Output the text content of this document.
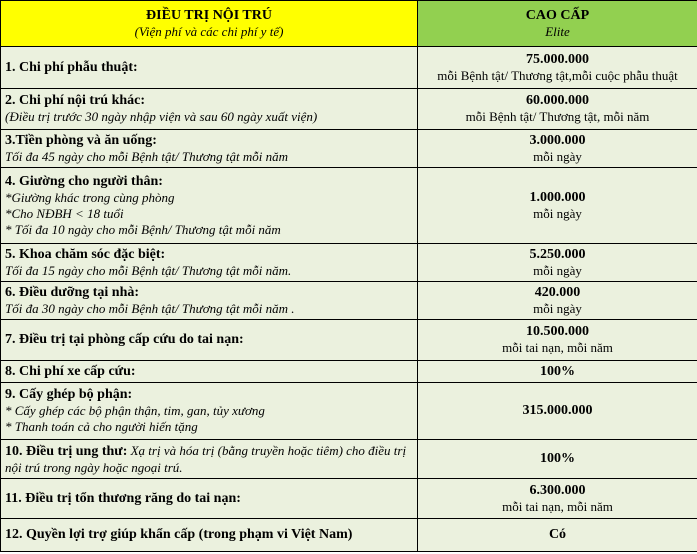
ĐIỀU TRỊ NỘI TRÚ
(Viện phí và các chi phí y tế)	CAO CẤP
Elite

1. Chi phí phẫu thuật:	75.000.000
mỗi Bệnh tật/ Thương tật,mỗi cuộc phẫu thuật

2. Chi phí nội trú khác:
(Điều trị trước 30 ngày nhập viện và sau 60 ngày xuất viện)	60.000.000
mỗi Bệnh tật/ Thương tật, mỗi năm

3.Tiền phòng và ăn uống:
Tối đa 45 ngày cho mỗi Bệnh tật/ Thương tật mỗi năm	3.000.000
mỗi ngày

4. Giường cho người thân:
*Giường khác trong cùng phòng
*Cho NĐBH < 18 tuổi
* Tối đa 10 ngày cho mỗi Bệnh/ Thương tật mỗi năm	1.000.000
mỗi ngày

5. Khoa chăm sóc đặc biệt:
Tối đa 15 ngày cho mỗi Bệnh tật/ Thương tật mỗi năm.	5.250.000
mỗi ngày

6. Điều dưỡng tại nhà:
Tối đa 30 ngày cho mỗi Bệnh tật/ Thương tật mỗi năm .	420.000
mỗi ngày

7. Điều trị tại phòng cấp cứu do tai nạn:	10.500.000
mỗi tai nạn, mỗi năm

8. Chi phí xe cấp cứu:	100%

9. Cấy ghép bộ phận:
* Cấy ghép các bộ phận thận, tim, gan, tủy xương
* Thanh toán cả cho người hiến tặng	315.000.000

10. Điều trị ung thư: Xạ trị và hóa trị (bằng truyền hoặc tiêm) cho điều trị nội trú trong ngày hoặc ngoại trú.	100%

11. Điều trị tổn thương răng do tai nạn:	6.300.000
mỗi tai nạn, mỗi năm

12. Quyền lợi trợ giúp khẩn cấp (trong phạm vi Việt Nam)	Có
